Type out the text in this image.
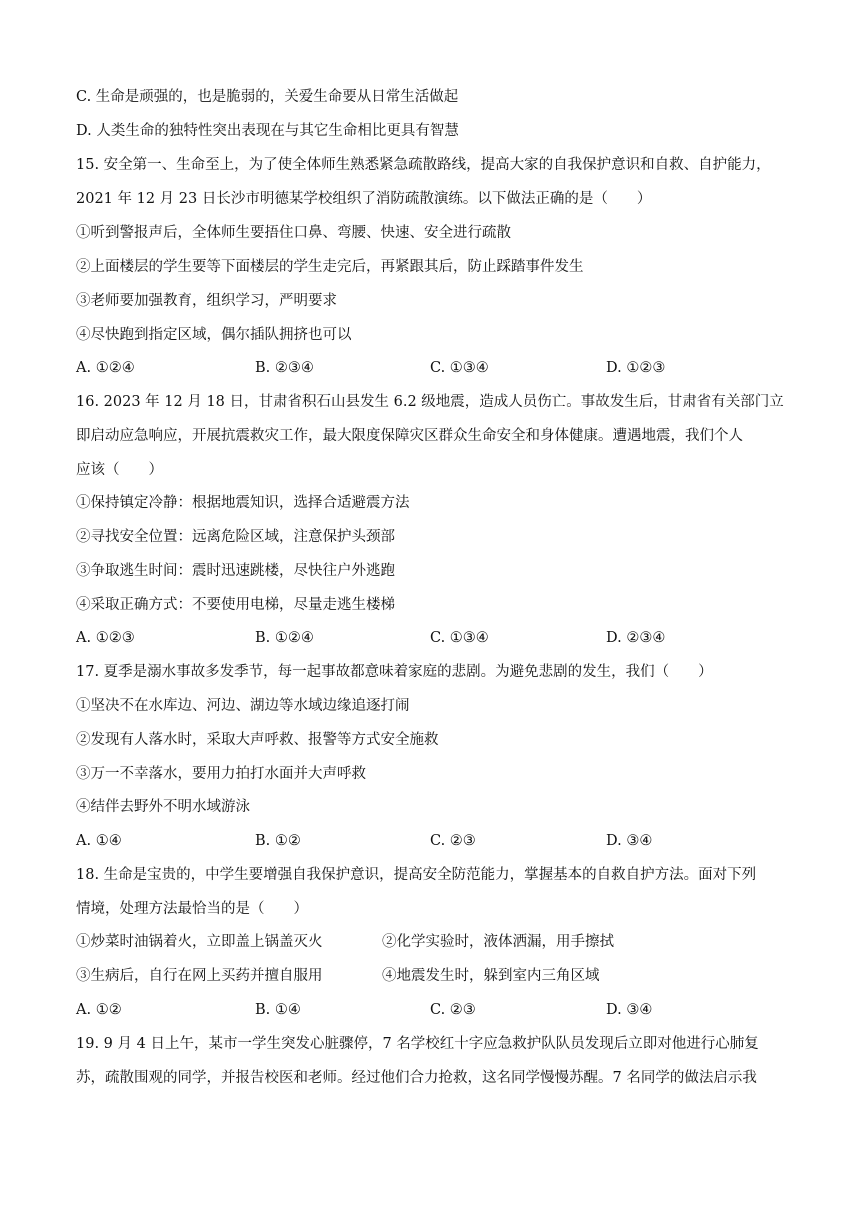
C. 生命是顽强的，也是脆弱的，关爱生命要从日常生活做起
D. 人类生命的独特性突出表现在与其它生命相比更具有智慧
15. 安全第一、生命至上，为了使全体师生熟悉紧急疏散路线，提高大家的自我保护意识和自救、自护能力，
2021 年 12 月 23 日长沙市明德某学校组织了消防疏散演练。以下做法正确的是（　　）
①听到警报声后，全体师生要捂住口鼻、弯腰、快速、安全进行疏散
②上面楼层的学生要等下面楼层的学生走完后，再紧跟其后，防止踩踏事件发生
③老师要加强教育，组织学习，严明要求
④尽快跑到指定区域，偶尔插队拥挤也可以
A. ①②④	B. ②③④	C. ①③④	D. ①②③
16. 2023 年 12 月 18 日，甘肃省积石山县发生 6.2 级地震，造成人员伤亡。事故发生后，甘肃省有关部门立
即启动应急响应，开展抗震救灾工作，最大限度保障灾区群众生命安全和身体健康。遭遇地震，我们个人
应该（　　）
①保持镇定冷静：根据地震知识，选择合适避震方法
②寻找安全位置：远离危险区域，注意保护头颈部
③争取逃生时间：震时迅速跳楼，尽快往户外逃跑
④采取正确方式：不要使用电梯，尽量走逃生楼梯
A. ①②③	B. ①②④	C. ①③④	D. ②③④
17. 夏季是溺水事故多发季节，每一起事故都意味着家庭的悲剧。为避免悲剧的发生，我们（　　）
①坚决不在水库边、河边、湖边等水域边缘追逐打闹
②发现有人落水时，采取大声呼救、报警等方式安全施救
③万一不幸落水，要用力拍打水面并大声呼救
④结伴去野外不明水域游泳
A. ①④	B. ①②	C. ②③	D. ③④
18. 生命是宝贵的，中学生要增强自我保护意识，提高安全防范能力，掌握基本的自救自护方法。面对下列
情境，处理方法最恰当的是（　　）
①炒菜时油锅着火，立即盖上锅盖灭火	②化学实验时，液体洒漏，用手擦拭
③生病后，自行在网上买药并擅自服用	④地震发生时，躲到室内三角区域
A. ①②	B. ①④	C. ②③	D. ③④
19. 9 月 4 日上午，某市一学生突发心脏骤停，7 名学校红十字应急救护队队员发现后立即对他进行心肺复
苏，疏散围观的同学，并报告校医和老师。经过他们合力抢救，这名同学慢慢苏醒。7 名同学的做法启示我
